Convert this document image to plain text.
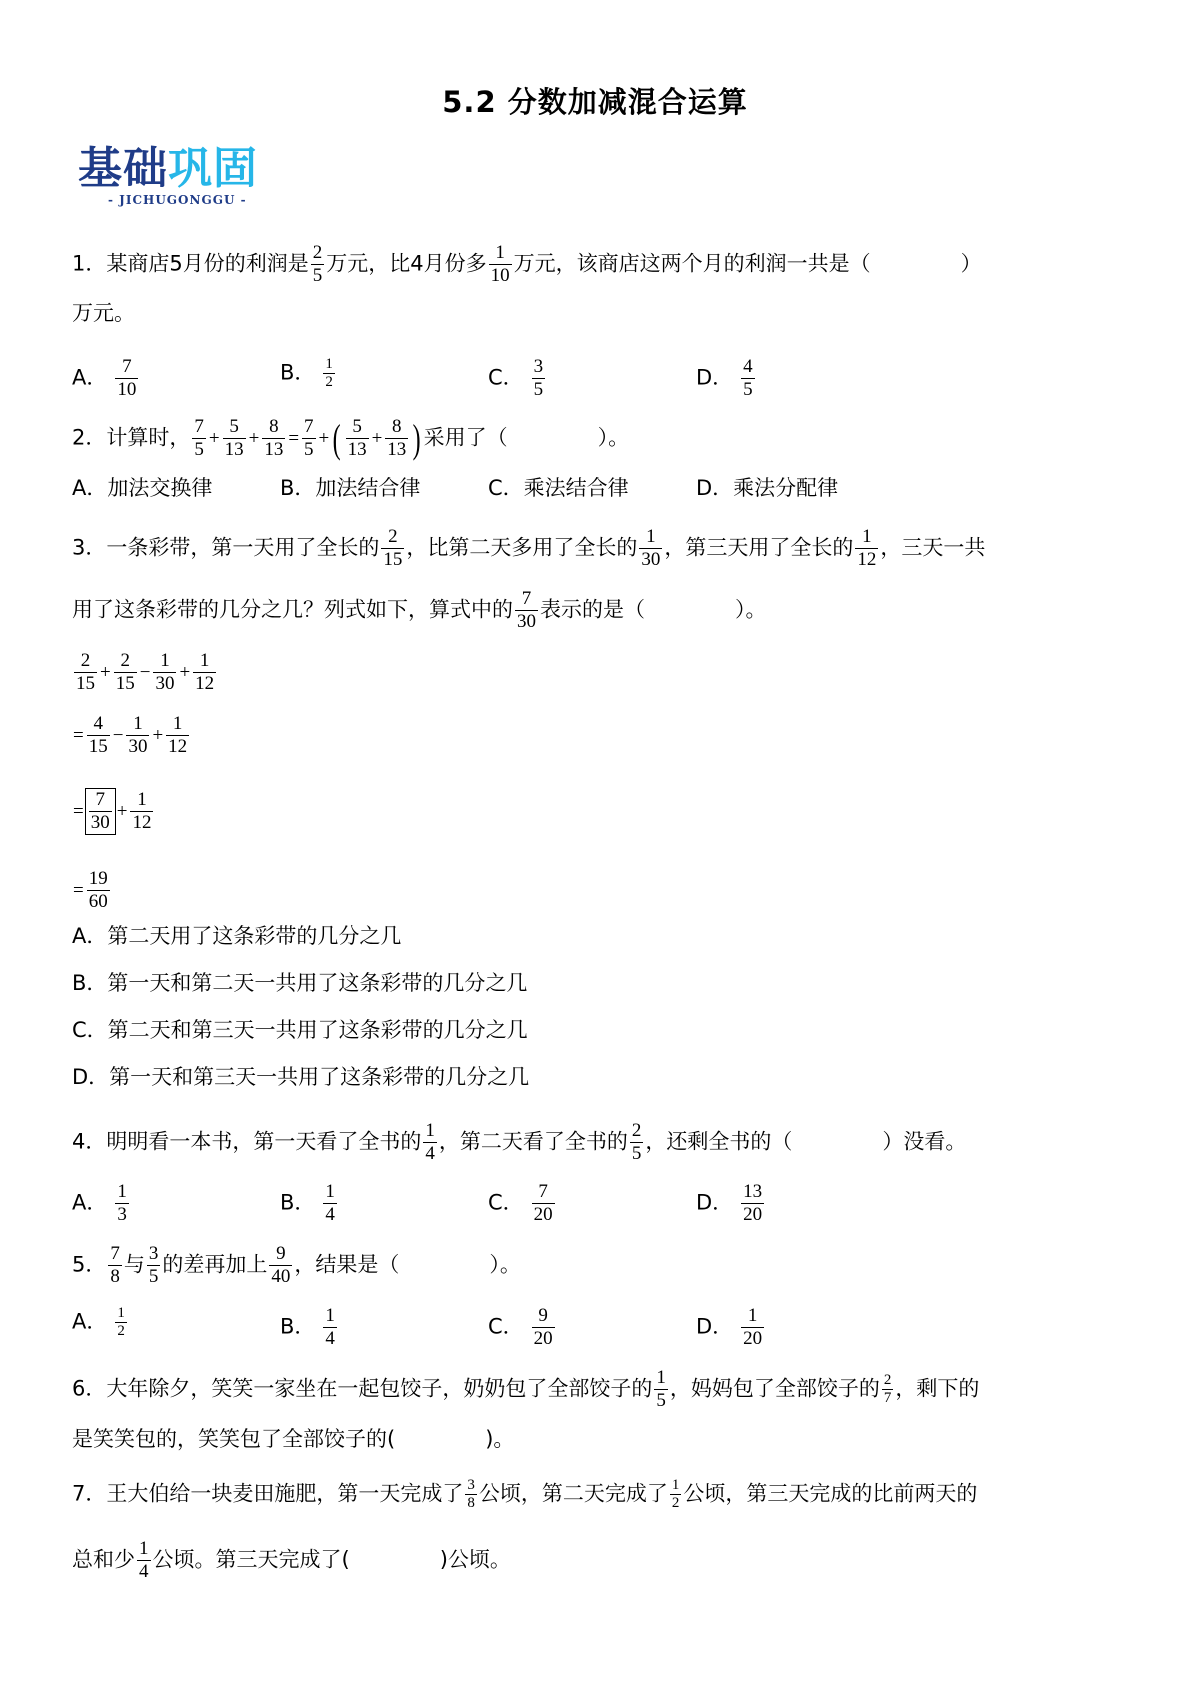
5.2 分数加减混合运算
基础巩固
- JICHUGONGGU -
1．某商店5月份的利润是 $\frac{2}{5}$ 万元，比4月份多 $\frac{1}{10}$ 万元，该商店这两个月的利润一共是（	）
万元。
A． $\frac{7}{10}$	B． $\frac{1}{2}$	C． $\frac{3}{5}$	D． $\frac{4}{5}$
2．计算时， $\frac{7}{5} + \frac{5}{13} + \frac{8}{13} = \frac{7}{5}$ +( $\frac{5}{13} + \frac{8}{13}$ ) 采用了（	）。
A．加法交换律	B．加法结合律	C．乘法结合律	D．乘法分配律
3．一条彩带，第一天用了全长的 $\frac{2}{15}$ ，比第二天多用了全长的 $\frac{1}{30}$ ，第三天用了全长的 $\frac{1}{12}$ ，三天一共
用了这条彩带的几分之几？列式如下，算式中的 $\frac{7}{30}$ 表示的是（	）。
$\frac{2}{15} + \frac{2}{15} - \frac{1}{30} + \frac{1}{12}$
= $\frac{4}{15} - \frac{1}{30} + \frac{1}{12}$
= $\frac{7}{30} + \frac{1}{12}$
= $\frac{19}{60}$
A．第二天用了这条彩带的几分之几
B．第一天和第二天一共用了这条彩带的几分之几
C．第二天和第三天一共用了这条彩带的几分之几
D．第一天和第三天一共用了这条彩带的几分之几
4．明明看一本书，第一天看了全书的 $\frac{1}{4}$ ，第二天看了全书的 $\frac{2}{5}$ ，还剩全书的（	）没看。
A． $\frac{1}{3}$	B． $\frac{1}{4}$	C． $\frac{7}{20}$	D． $\frac{13}{20}$
5． $\frac{7}{8}$ 与 $\frac{3}{5}$ 的差再加上 $\frac{9}{40}$ ，结果是（	）。
A． $\frac{1}{2}$	B． $\frac{1}{4}$	C． $\frac{9}{20}$	D． $\frac{1}{20}$
6．大年除夕，笑笑一家坐在一起包饺子，奶奶包了全部饺子的 $\frac{1}{5}$ ，妈妈包了全部饺子的 $\frac{2}{7}$ ，剩下的
是笑笑包的，笑笑包了全部饺子的(	)。
7．王大伯给一块麦田施肥，第一天完成了 $\frac{3}{8}$ 公顷，第二天完成了 $\frac{1}{2}$ 公顷，第三天完成的比前两天的
总和少 $\frac{1}{4}$ 公顷。第三天完成了(	)公顷。
